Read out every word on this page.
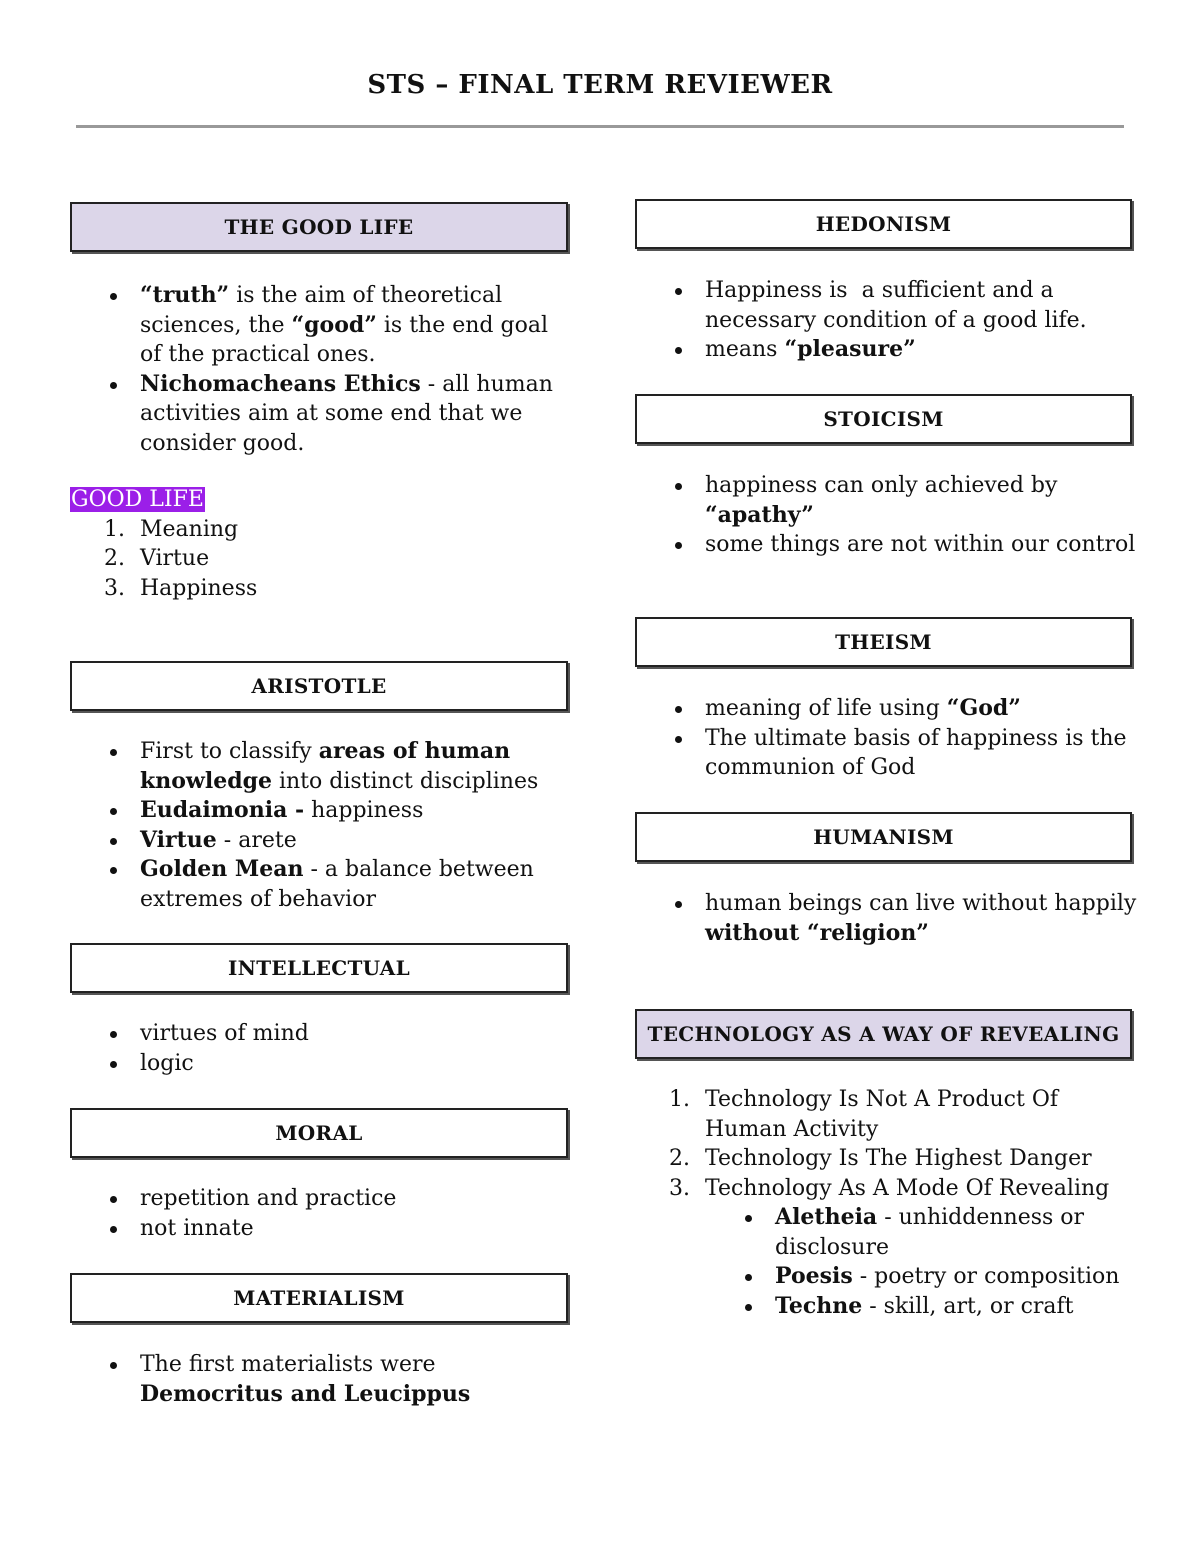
STS – FINAL TERM REVIEWER
THE GOOD LIFE
“truth” is the aim of theoretical sciences, the “good” is the end goal of the practical ones.
Nichomacheans Ethics - all human activities aim at some end that we consider good.
GOOD LIFE
1. Meaning
2. Virtue
3. Happiness
ARISTOTLE
First to classify areas of human knowledge into distinct disciplines
Eudaimonia - happiness
Virtue - arete
Golden Mean - a balance between extremes of behavior
INTELLECTUAL
virtues of mind
logic
MORAL
repetition and practice
not innate
MATERIALISM
The first materialists were Democritus and Leucippus
HEDONISM
Happiness is  a sufficient and a necessary condition of a good life.
means “pleasure”
STOICISM
happiness can only achieved by “apathy”
some things are not within our control
THEISM
meaning of life using “God”
The ultimate basis of happiness is the communion of God
HUMANISM
human beings can live without happily without “religion”
TECHNOLOGY AS A WAY OF REVEALING
1. Technology Is Not A Product Of Human Activity
2. Technology Is The Highest Danger
3. Technology As A Mode Of Revealing
Aletheia - unhiddenness or disclosure
Poesis - poetry or composition
Techne - skill, art, or craft
